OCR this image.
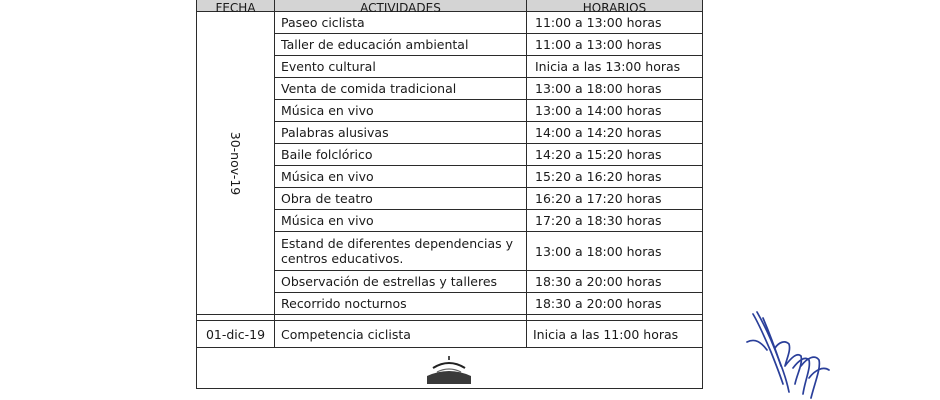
FECHA	ACTIVIDADES	HORARIOS
30-nov-19	Paseo ciclista	11:00 a 13:00 horas
	Taller de educación ambiental	11:00 a 13:00 horas
	Evento cultural	Inicia a las 13:00 horas
	Venta de comida tradicional	13:00 a 18:00 horas
	Música en vivo	13:00 a 14:00 horas
	Palabras alusivas	14:00 a 14:20 horas
	Baile folclórico	14:20 a 15:20 horas
	Música en vivo	15:20 a 16:20 horas
	Obra de teatro	16:20 a 17:20 horas
	Música en vivo	17:20 a 18:30 horas
	Estand de diferentes dependencias y centros educativos.	13:00 a 18:00 horas
	Observación de estrellas y talleres	18:30 a 20:00 horas
	Recorrido nocturnos	18:30 a 20:00 horas

01-dic-19	Competencia ciclista	Inicia a las 11:00 horas
